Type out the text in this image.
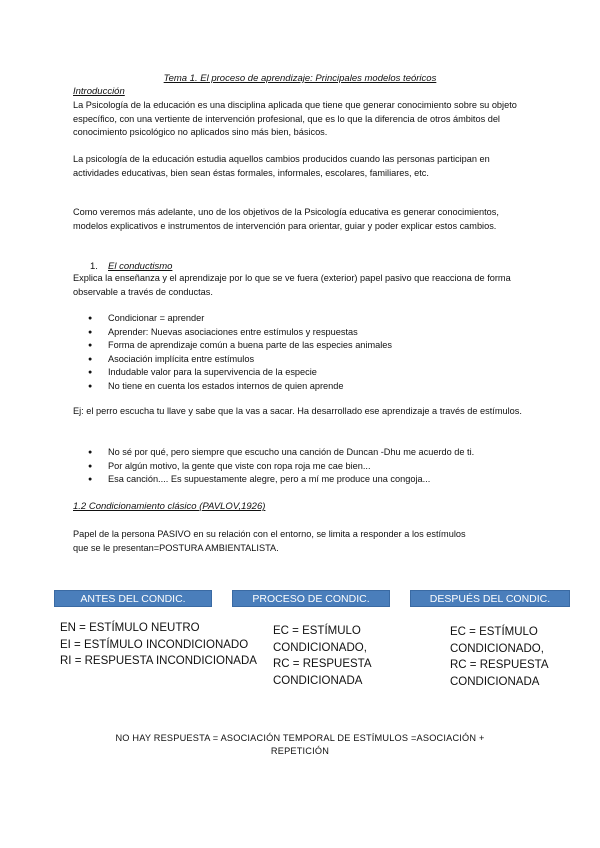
Tema 1. El proceso de aprendizaje: Principales modelos teóricos
Introducción

La Psicología de la educación es una disciplina aplicada que tiene que generar conocimiento sobre su objeto específico, con una vertiente de intervención profesional, que es lo que la diferencia de otros ámbitos del conocimiento psicológico no aplicados sino más bien, básicos.

La psicología de la educación estudia aquellos cambios producidos cuando las personas participan en actividades educativas, bien sean éstas formales, informales, escolares, familiares, etc.

Como veremos más adelante, uno de los objetivos de la Psicología educativa es generar conocimientos, modelos explicativos e instrumentos de intervención para orientar, guiar y poder explicar estos cambios.

1. El conductismo

Explica la enseñanza y el aprendizaje por lo que se ve fuera (exterior) papel pasivo que reacciona de forma observable a través de conductas.

● Condicionar = aprender
● Aprender: Nuevas asociaciones entre estímulos y respuestas
● Forma de aprendizaje común a buena parte de las especies animales
● Asociación implícita entre estímulos
● Indudable valor para la supervivencia de la especie
● No tiene en cuenta los estados internos de quien aprende

Ej: el perro escucha tu llave y sabe que la vas a sacar. Ha desarrollado ese aprendizaje a través de estímulos.

● No sé por qué, pero siempre que escucho una canción de Duncan -Dhu me acuerdo de ti.
● Por algún motivo, la gente que viste con ropa roja me cae bien...
● Esa canción.... Es supuestamente alegre, pero a mí me produce una congoja...
1.2 Condicionamiento clásico (PAVLOV,1926)

Papel de la persona PASIVO en su relación con el entorno, se limita a responder a los estímulos que se le presentan=POSTURA AMBIENTALISTA.

ANTES DEL CONDIC.	PROCESO DE CONDIC.	DESPUÉS DEL CONDIC.
EN = ESTÍMULO NEUTRO
EI = ESTÍMULO INCONDICIONADO
RI = RESPUESTA INCONDICIONADA
EC = ESTÍMULO
CONDICIONADO,
RC = RESPUESTA
CONDICIONADA
EC = ESTÍMULO
CONDICIONADO,
RC = RESPUESTA
CONDICIONADA
NO HAY RESPUESTA = ASOCIACIÓN TEMPORAL DE ESTÍMULOS =ASOCIACIÓN +
REPETICIÓN
